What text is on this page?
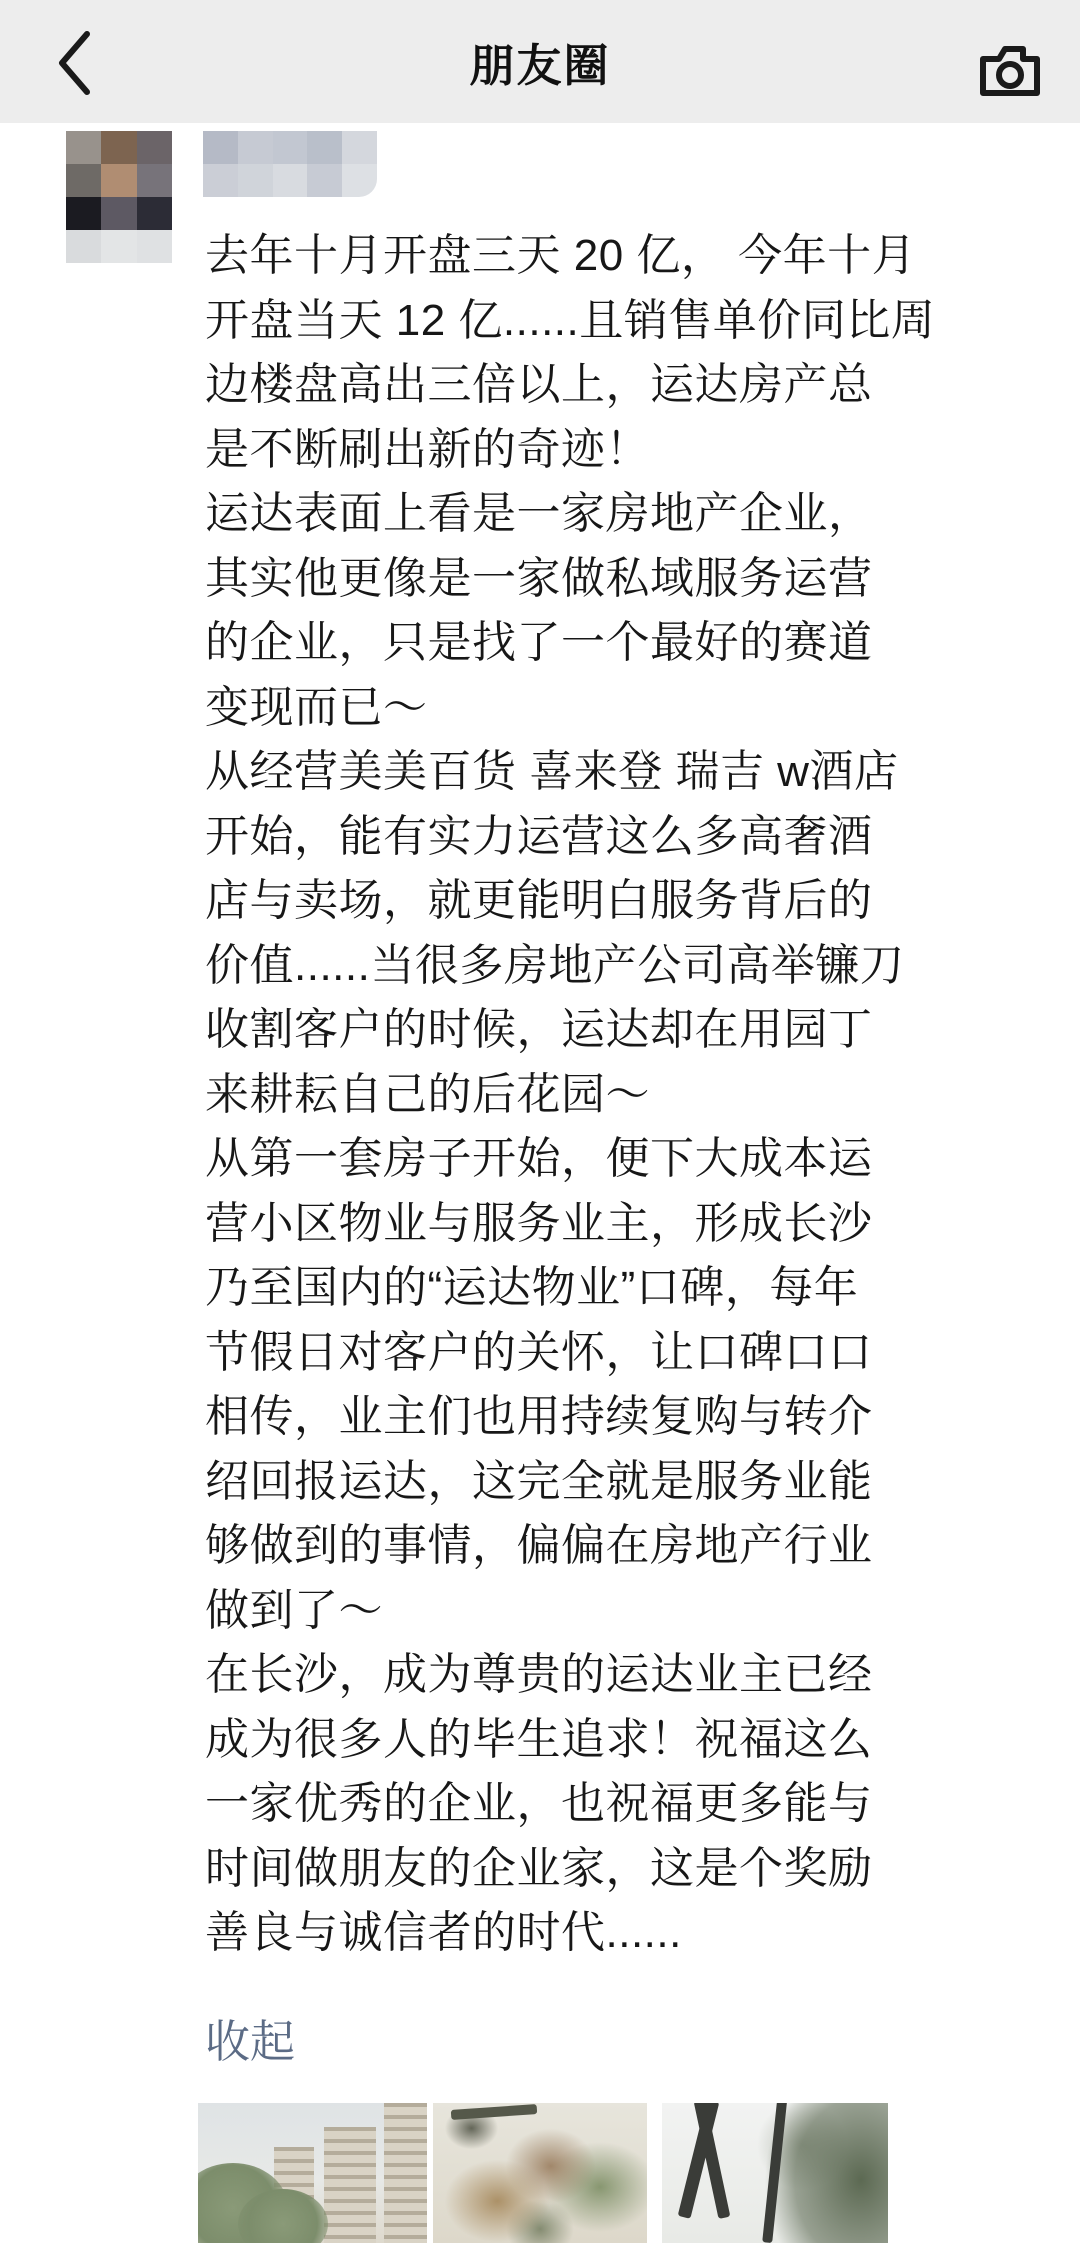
朋友圈
去年十月开盘三天 20 亿， 今年十月
开盘当天 12 亿......且销售单价同比周
边楼盘高出三倍以上，运达房产总
是不断刷出新的奇迹！
运达表面上看是一家房地产企业，
其实他更像是一家做私域服务运营
的企业，只是找了一个最好的赛道
变现而已～
从经营美美百货 喜来登 瑞吉 w酒店
开始，能有实力运营这么多高奢酒
店与卖场，就更能明白服务背后的
价值......当很多房地产公司高举镰刀
收割客户的时候，运达却在用园丁
来耕耘自己的后花园～
从第一套房子开始，便下大成本运
营小区物业与服务业主，形成长沙
乃至国内的“运达物业”口碑，每年
节假日对客户的关怀，让口碑口口
相传，业主们也用持续复购与转介
绍回报运达，这完全就是服务业能
够做到的事情，偏偏在房地产行业
做到了～
在长沙，成为尊贵的运达业主已经
成为很多人的毕生追求！祝福这么
一家优秀的企业，也祝福更多能与
时间做朋友的企业家，这是个奖励
善良与诚信者的时代......
收起
